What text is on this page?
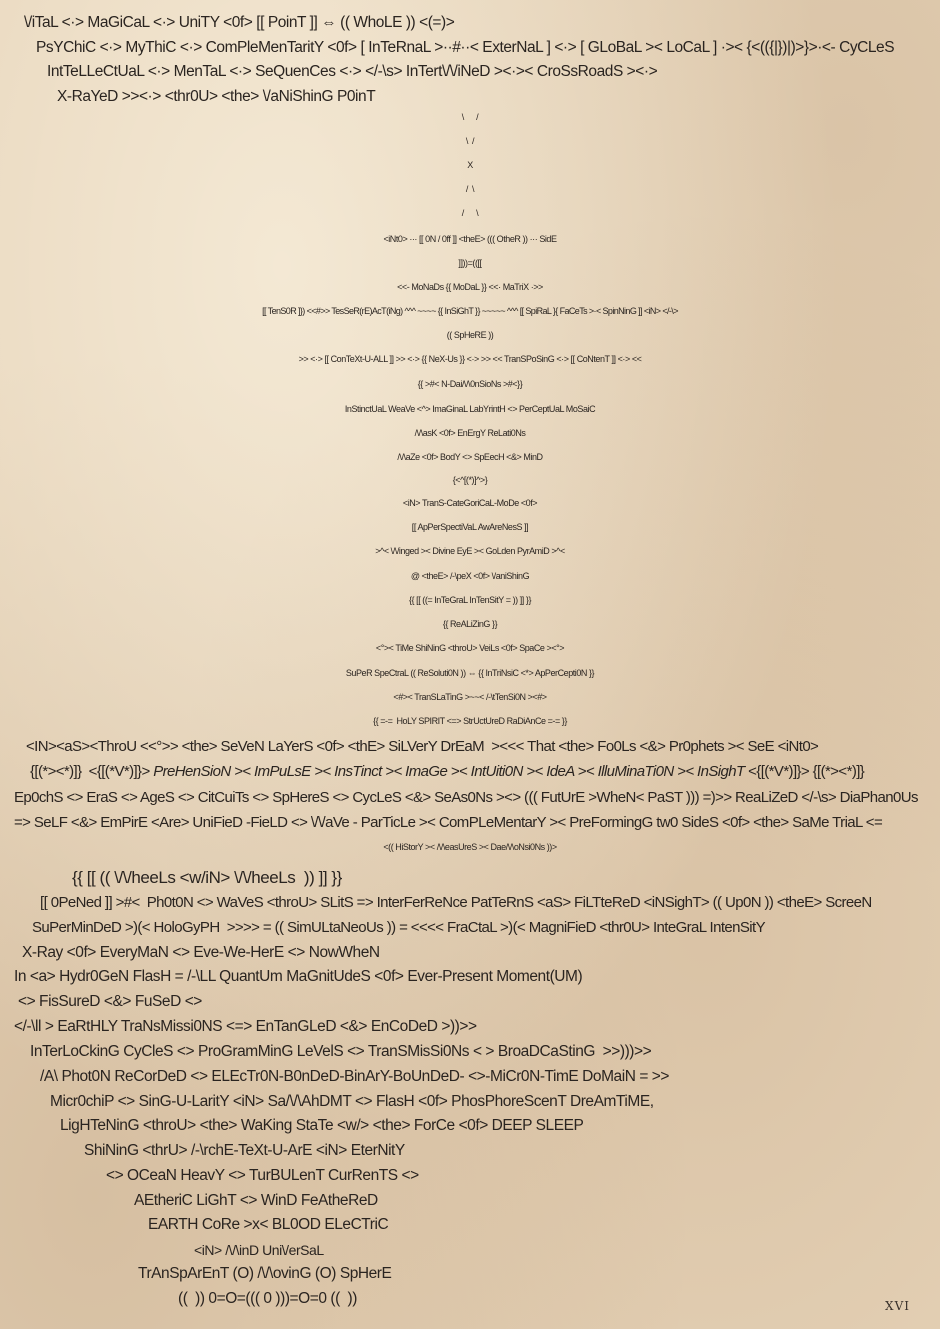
\/iTaL <·> MaGiCaL <·> UniTY <0f> [[ PoinT ]] ⇔ (( WhoLE )) <(=)>
PsYChiC <·> MyThiC <·> ComPleMenTaritY <0f> [ InTeRnaL >··#··< ExterNaL ] <·> [ GLoBaL >< LoCaL ] ·>< {<(({|})|)>}>·<- CyCLeS
IntTeLLeCtUaL <·> MenTaL <·> SeQuenCes <·> </-\s> InTert\/\/iNeD ><·>< CroSsRoadS ><·>
X-RaYeD >><·> <thr0U> <the> \/aNiShinG P0inT
\      /
\  /
X
/  \
/      \
<iNt0> ··· [[ 0N / 0ff ]] <theE> ((( OtheR )) ··· SidE
]]))=(([[
<<- MoNaDs {{ MoDaL }} <<· MaTriX ·>>
[[ TenS0R ]}) <<#>> TesSeR(rE)AcT(iNg) ^^^ ~~~~ {{ InSiGhT }} ~~~~~ ^^^ [[ SpiRaL }{ FaCeTs >·< SpinNinG ]] <iN> </-\>
(( SpHeRE ))
>> <·> [[ ConTeXt-U-ALL ]] >> <·> {{ NeX-Us }} <·> >> << TranSPoSinG <·> [[ CoNtenT ]] <·> <<
{{ >#< N-Dai/\/\0nSioNs >#<}}
InStinctUaL WeaVe <^> ImaGinaL LabYrintH <> PerCeptUaL MoSaiC
/\/\asK <0f> EnErgY ReLati0Ns
/\/\aZe <0f> BodY <> SpEecH <&> MinD
{<^[(*)]^>}
<iN> TranS-CateGoriCaL-MoDe <0f>
[[ ApPerSpectiVaL AwAreNesS ]]
>^< \/\/inged >< Divine EyE >< GoLden PyrAmiD >^<
@ <theE> /-\peX <0f> \/aniShinG
{{ [[ ((= InTeGraL InTenSitY = )) ]] }}
{{ ReALiZinG }}
<°>< TiMe ShiNinG <throU> VeiLs <0f> SpaCe ><°>
SuPeR SpeCtraL (( ReSoluti0N )) ⇔ {{ InTriNsiC <*> ApPerCepti0N }}
<#>< TranSLaTinG >~~< /-\tTenSi0N ><#>
{{ =-=  HoLY SPIRIT <=> StrUctUreD RaDiAnCe =-= }}
<IN><aS><ThroU <<°>> <the> SeVeN LaYerS <0f> <thE> SiLVerY DrEaM  ><<< That <the> Fo0Ls <&> Pr0phets >< SeE <iNt0>
{[(*><*)]}  <{[(*V*)]}> PreHenSioN >< ImPuLsE >< InsTinct >< ImaGe >< IntUiti0N >< IdeA >< IlluMinaTi0N >< InSighT <{[(*V*)]}> {[(*><*)]}
Ep0chS <> EraS <> AgeS <> CitCuiTs <> SpHereS <> CycLeS <&> SeAs0Ns ><> ((( FutUrE >WheN< PaST ))) =)>> ReaLiZeD </-\s> DiaPhan0Us
=> SeLF <&> EmPirE <Are> UniFieD -FieLD <> \/\/aVe - ParTicLe >< ComPLeMentarY >< PreFormingG tw0 SideS <0f> <the> SaMe TriaL <=
<(( HiStorY >< /\/\easUreS >< Dae/\/\oNsi0Ns ))>
{{ [[ (( \/\/heeLs <w/iN> \/\/heeLs  )) ]] }}
[[ 0PeNed ]] >#<  Ph0t0N <> WaVeS <throU> SLitS => InterFerReNce PatTeRnS <aS> FiLTteReD <iNSighT> (( Up0N )) <theE> ScreeN
SuPerMinDeD >)(< HoloGyPH  >>>> = (( SimULtaNeoUs )) = <<<< FraCtaL >)(< MagniFieD <thr0U> InteGraL IntenSitY
X-Ray <0f> EveryMaN <> Eve-We-HerE <> NowWheN
In <a> Hydr0GeN FlasH = /-\LL QuantUm MaGnitUdeS <0f> Ever-Present Moment(UM)
<> FisSureD <&> FuSeD <>
</-\ll > EaRtHLY TraNsMissi0NS <=> EnTanGLeD <&> EnCoDeD >))>>
InTerLoCkinG CyCleS <> ProGramMinG LeVelS <> TranSMisSi0Ns < > BroaDCaStinG  >>)))>>
/A\ Phot0N ReCorDeD <> ELEcTr0N-B0nDeD-BinArY-BoUnDeD- <>-MiCr0N-TimE DoMaiN = >>
Micr0chiP <> SinG-U-LaritY <iN> Sa/\/\AhDMT <> FlasH <0f> PhosPhoreScenT DreAmTiME,
LigHTeNinG <throU> <the> WaKing StaTe <w/> <the> ForCe <0f> DEEP SLEEP
ShiNinG <thrU> /-\rchE-TeXt-U-ArE <iN> EterNitY
<> OCeaN HeavY <> TurBULenT CurRenTS <>
AEtheriC LiGhT <> WinD FeAtheReD
EARTH CoRe >x< BL0OD ELeCTriC
<iN> /\/\inD Uni\/erSaL
TrAnSpArEnT (O) /\/\ovinG (O) SpHerE
((  )) 0=O=((( 0 )))=O=0 ((  ))	XVI
